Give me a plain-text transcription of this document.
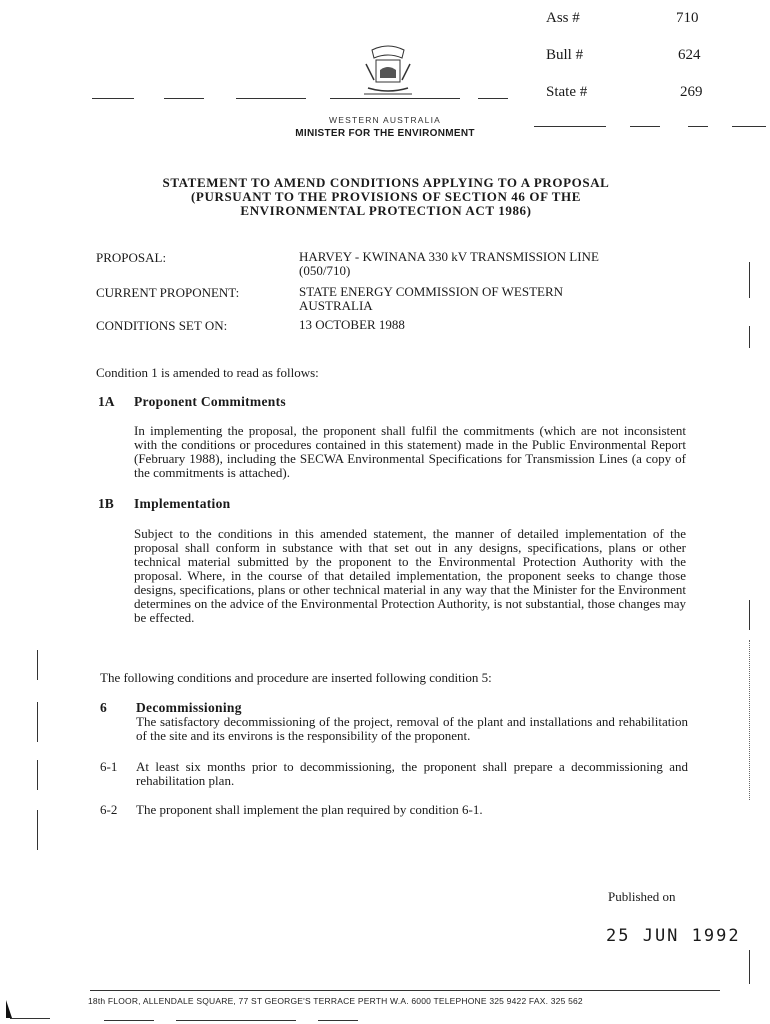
Ass #	710
Bull #	624
State #	269
WESTERN AUSTRALIA
MINISTER FOR THE ENVIRONMENT
STATEMENT TO AMEND CONDITIONS APPLYING TO A PROPOSAL
(PURSUANT TO THE PROVISIONS OF SECTION 46 OF THE
ENVIRONMENTAL PROTECTION ACT 1986)
PROPOSAL:	HARVEY - KWINANA 330 kV TRANSMISSION LINE
(050/710)
CURRENT PROPONENT:	STATE ENERGY COMMISSION OF WESTERN
AUSTRALIA
CONDITIONS SET ON:	13 OCTOBER 1988
Condition 1 is amended to read as follows:
1A Proponent Commitments
In implementing the proposal, the proponent shall fulfil the commitments (which are not inconsistent with the conditions or procedures contained in this statement) made in the Public Environmental Report (February 1988), including the SECWA Environmental Specifications for Transmission Lines (a copy of the commitments is attached).
1B Implementation
Subject to the conditions in this amended statement, the manner of detailed implementation of the proposal shall conform in substance with that set out in any designs, specifications, plans or other technical material submitted by the proponent to the Environmental Protection Authority with the proposal. Where, in the course of that detailed implementation, the proponent seeks to change those designs, specifications, plans or other technical material in any way that the Minister for the Environment determines on the advice of the Environmental Protection Authority, is not substantial, those changes may be effected.
The following conditions and procedure are inserted following condition 5:
6 Decommissioning
The satisfactory decommissioning of the project, removal of the plant and installations and rehabilitation of the site and its environs is the responsibility of the proponent.
6-1 At least six months prior to decommissioning, the proponent shall prepare a decommissioning and rehabilitation plan.
6-2 The proponent shall implement the plan required by condition 6-1.
Published on
25 JUN 1992
18th FLOOR, ALLENDALE SQUARE, 77 ST GEORGE'S TERRACE PERTH W.A. 6000 TELEPHONE 325 9422 FAX. 325 562
